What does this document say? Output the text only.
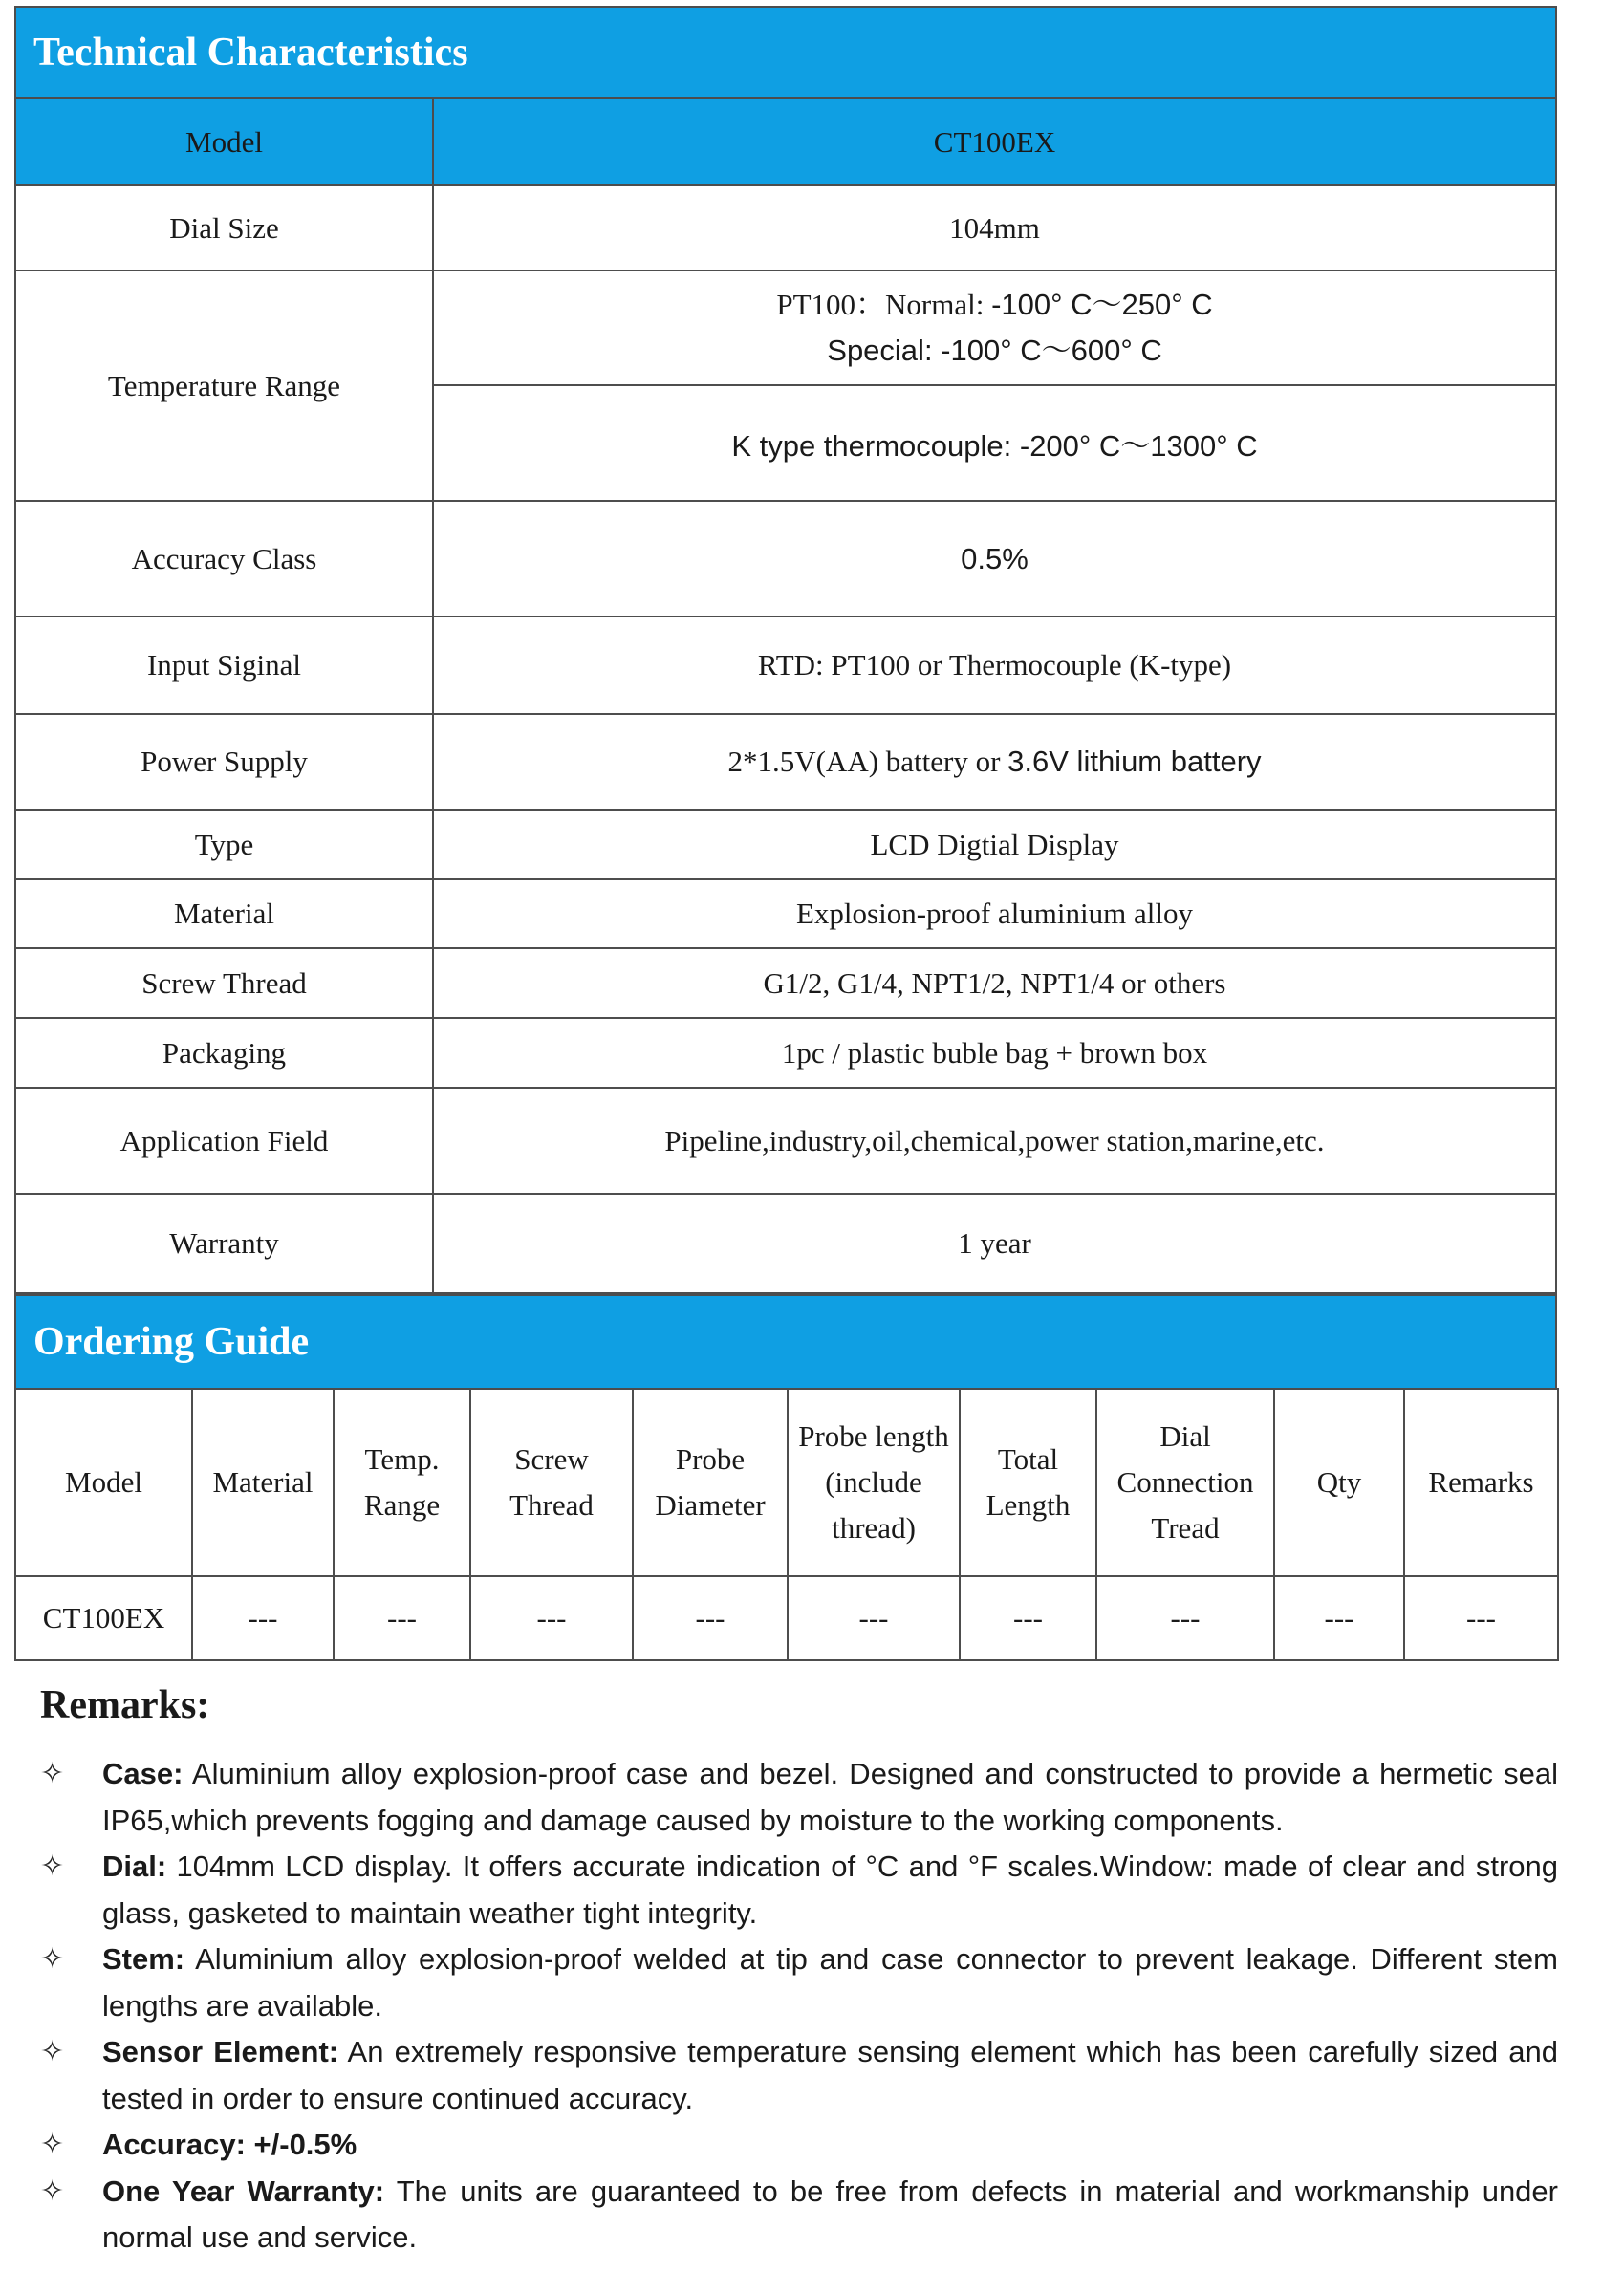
Technical Characteristics
Model	CT100EX
Dial Size	104mm
Temperature Range	PT100：Normal: -100° C～250° C
Special: -100° C～600° C

	K type thermocouple: -200° C～1300° C
Accuracy Class	0.5%
Input Siginal	RTD: PT100 or Thermocouple (K-type)
Power Supply	2*1.5V(AA) battery or 3.6V lithium battery
Type	LCD Digtial Display
Material	Explosion-proof aluminium alloy
Screw Thread	G1/2, G1/4, NPT1/2, NPT1/4 or others
Packaging	1pc / plastic buble bag + brown box
Application Field	Pipeline,industry,oil,chemical,power station,marine,etc.
Warranty	1 year
Ordering Guide
Model	Material	Temp. Range	Screw Thread	Probe Diameter	Probe length (include thread)	Total Length	Dial Connection Tread	Qty	Remarks
CT100EX	---	---	---	---	---	---	---	---	---
Remarks:
✧ Case: Aluminium alloy explosion-proof case and bezel. Designed and constructed to provide a hermetic seal IP65,which prevents fogging and damage caused by moisture to the working components.
✧ Dial: 104mm LCD display. It offers accurate indication of °C and °F scales.Window: made of clear and strong glass, gasketed to maintain weather tight integrity.
✧ Stem: Aluminium alloy explosion-proof welded at tip and case connector to prevent leakage. Different stem lengths are available.
✧ Sensor Element: An extremely responsive temperature sensing element which has been carefully sized and tested in order to ensure continued accuracy.
✧ Accuracy: +/-0.5%
✧ One Year Warranty: The units are guaranteed to be free from defects in material and workmanship under normal use and service.
